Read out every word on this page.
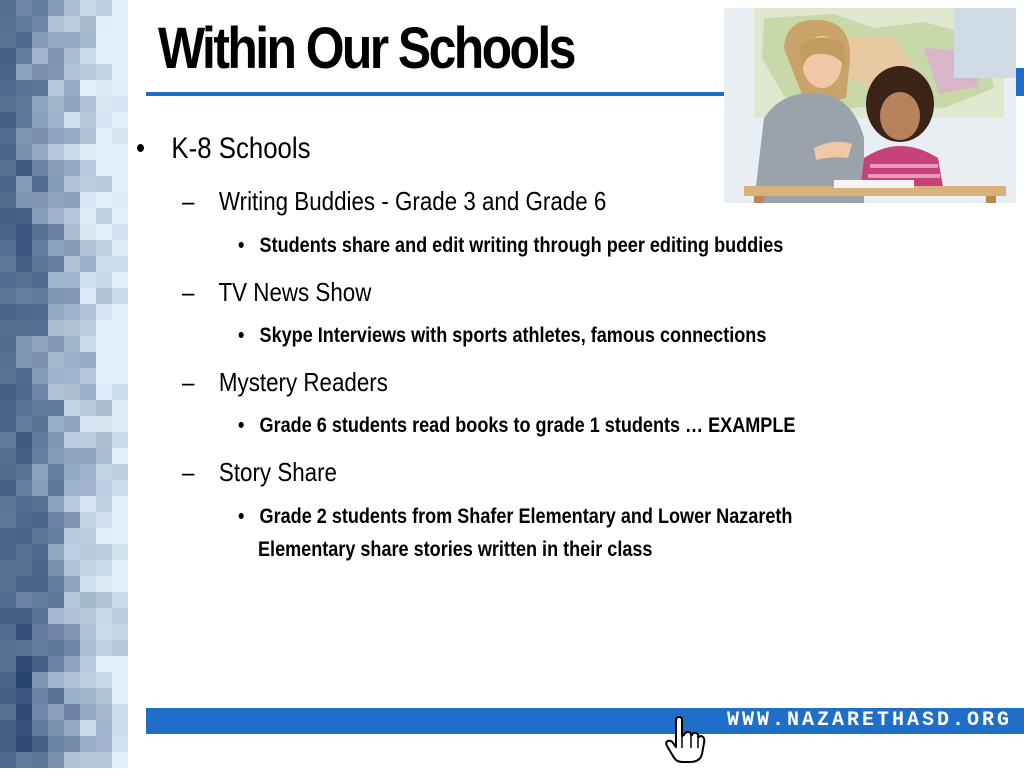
Within Our Schools
• K-8 Schools
– Writing Buddies - Grade 3 and Grade 6
• Students share and edit writing through peer editing buddies
– TV News Show
• Skype Interviews with sports athletes, famous connections
– Mystery Readers
• Grade 6 students read books to grade 1 students … EXAMPLE
– Story Share
• Grade 2 students from Shafer Elementary and Lower Nazareth
Elementary share stories written in their class
WWW.NAZARETHASD.ORG
